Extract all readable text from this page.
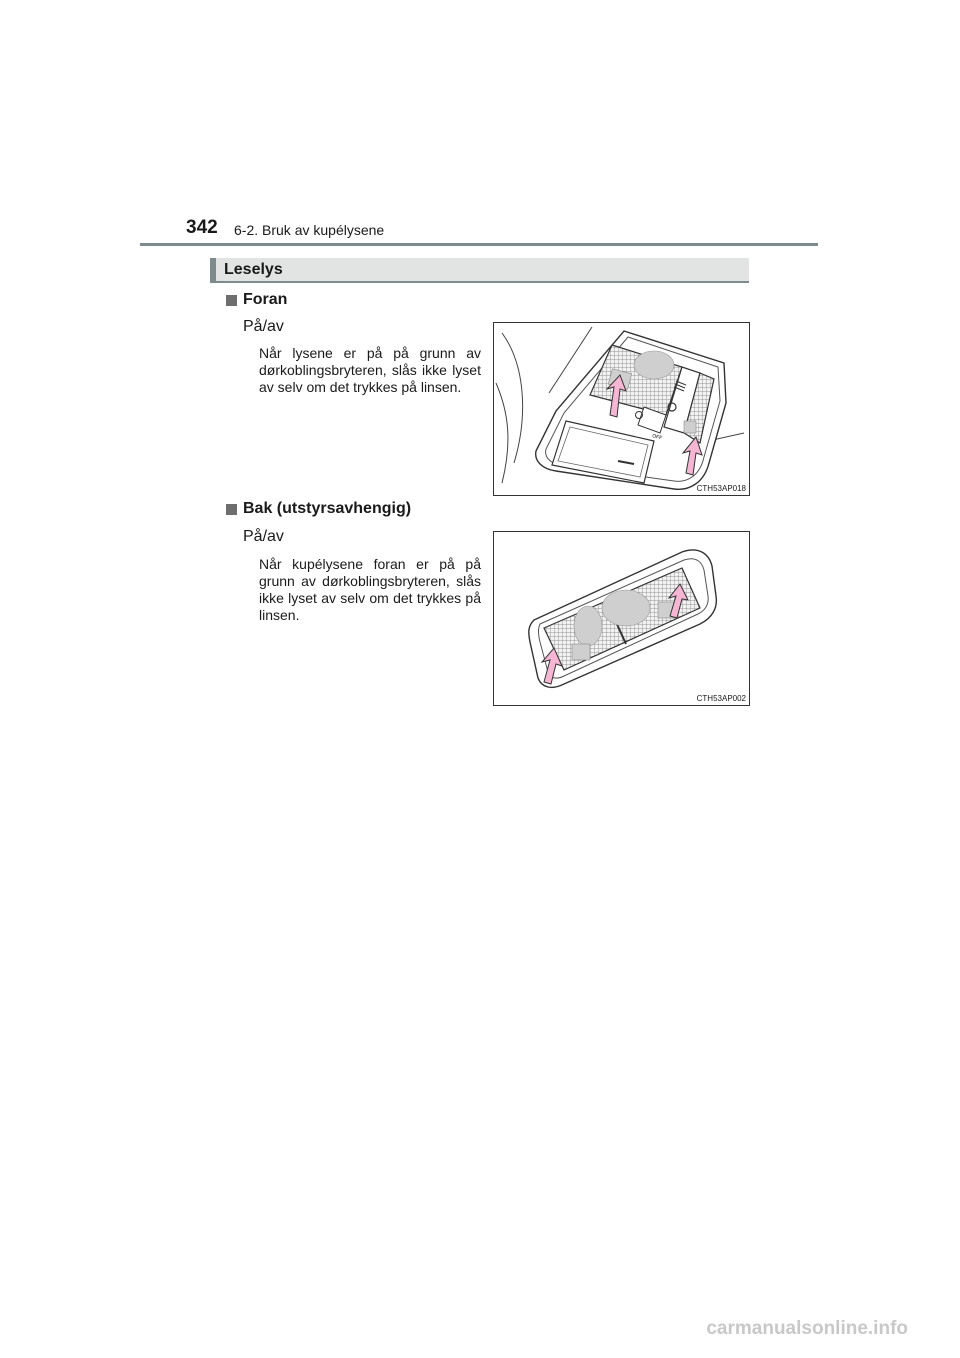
342 6-2. Bruk av kupélysene
Leselys
Foran
På/av
Når lysene er på på grunn av dørkoblingsbryteren, slås ikke lyset av selv om det trykkes på linsen.
OFF
CTH53AP018
Bak (utstyrsavhengig)
På/av
Når kupélysene foran er på på grunn av dørkoblingsbryteren, slås ikke lyset av selv om det trykkes på linsen.
CTH53AP002
carmanualsonline.info
